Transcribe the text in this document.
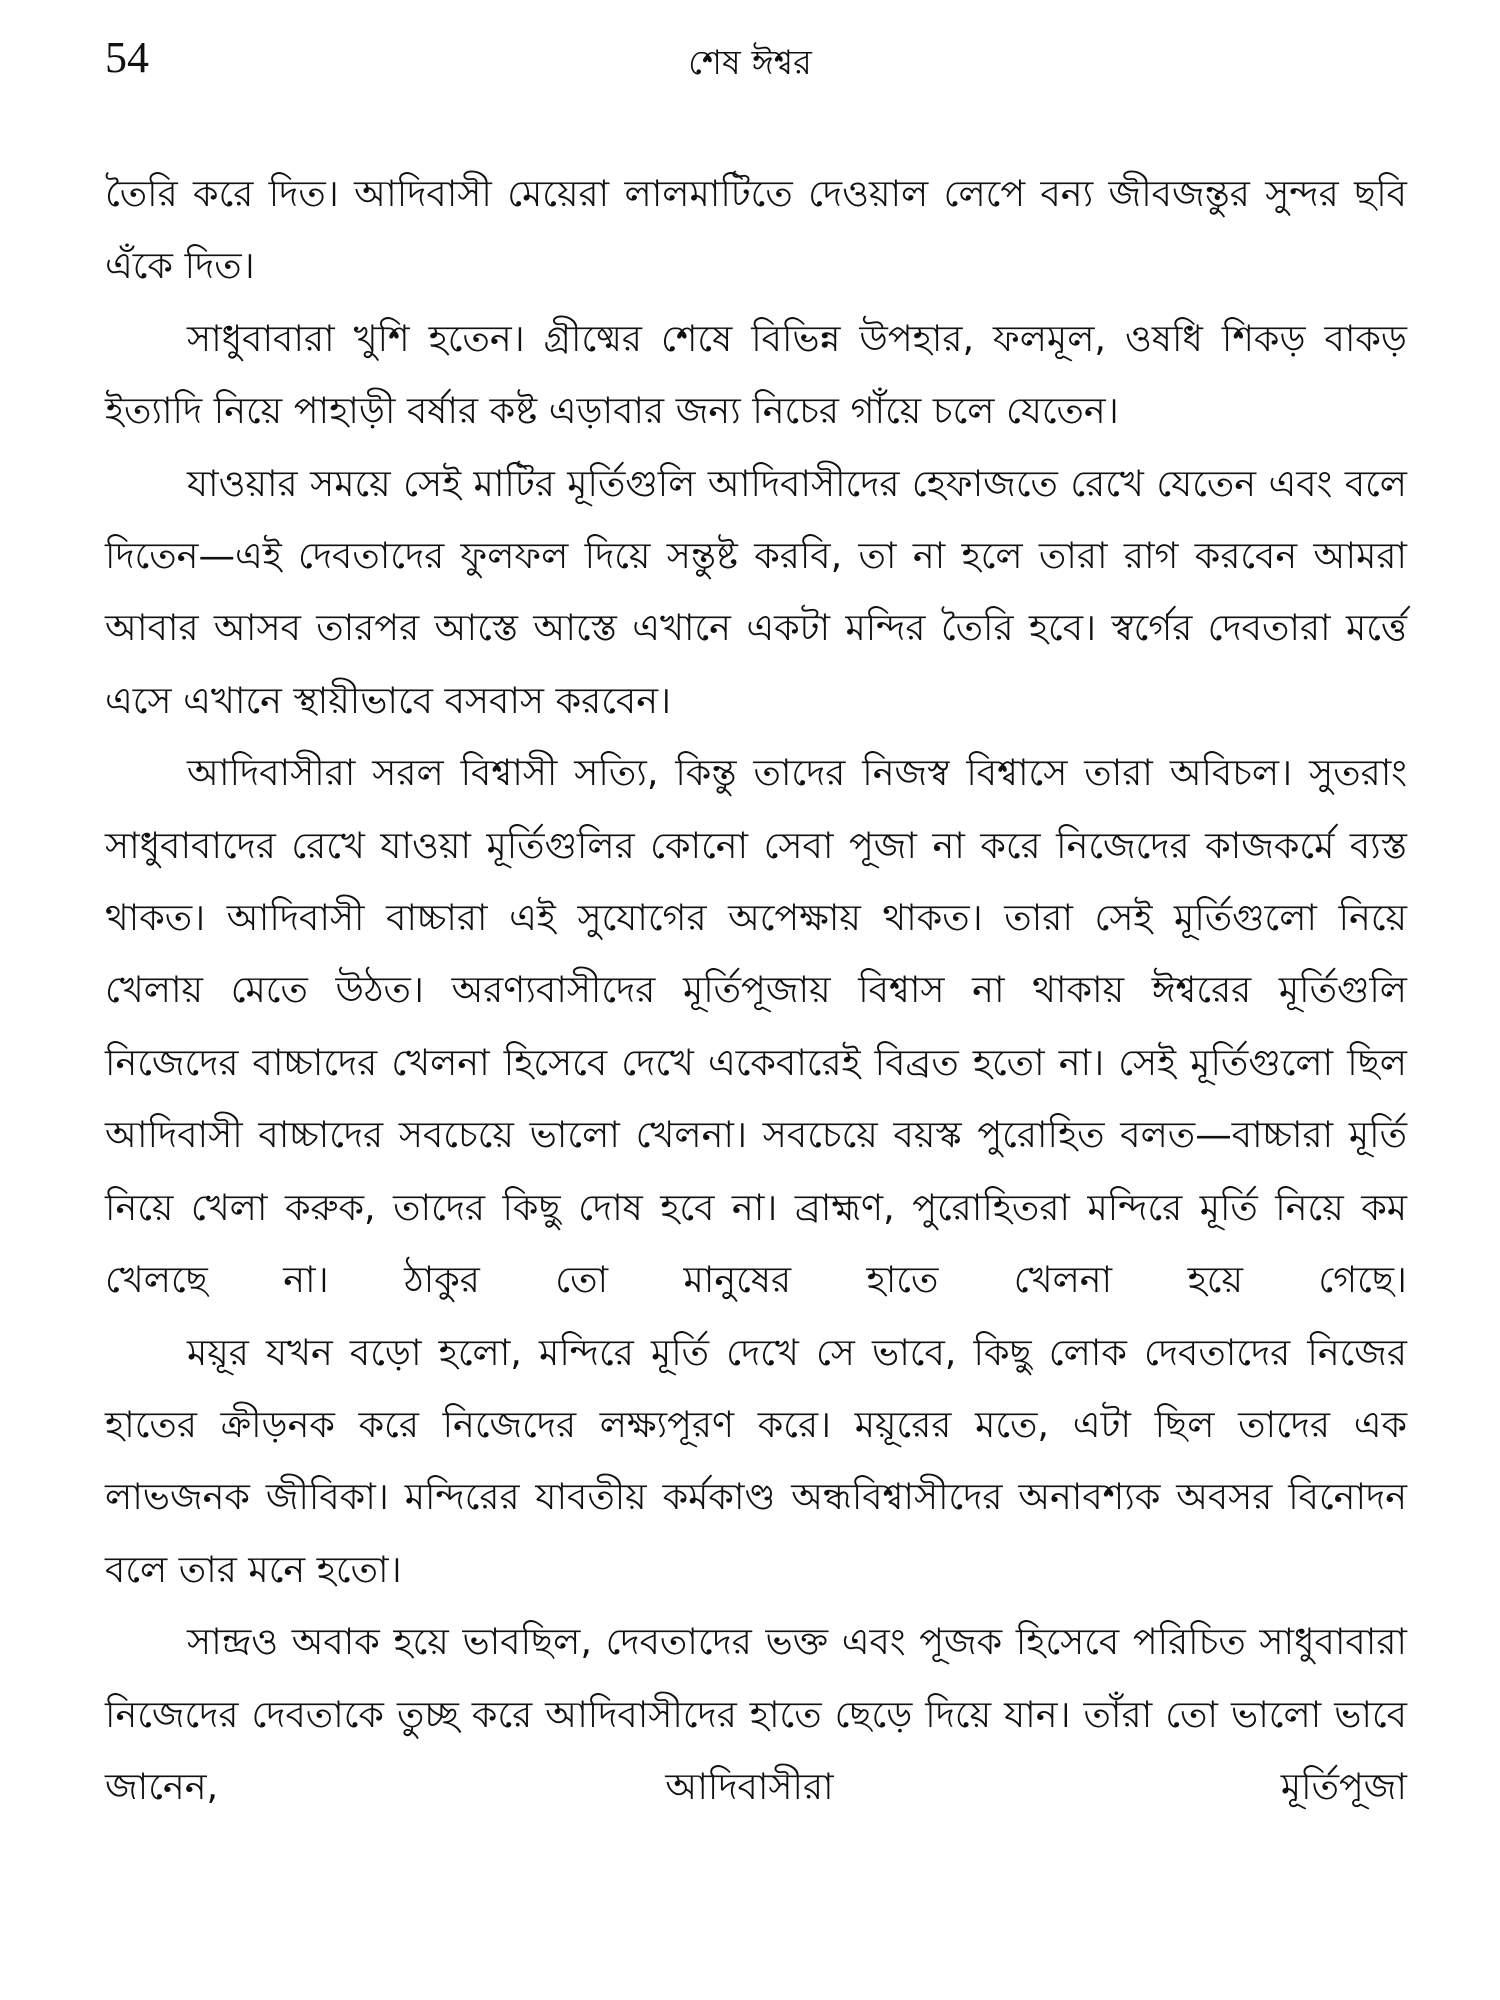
54	শেষ ঈশ্বর

তৈরি করে দিত। আদিবাসী মেয়েরা লালমাটিতে দেওয়াল লেপে বন্য জীবজন্তুর সুন্দর ছবি এঁকে দিত।

সাধুবাবারা খুশি হতেন। গ্রীষ্মের শেষে বিভিন্ন উপহার, ফলমূল, ওষধি শিকড় বাকড় ইত্যাদি নিয়ে পাহাড়ী বর্ষার কষ্ট এড়াবার জন্য নিচের গাঁয়ে চলে যেতেন।

যাওয়ার সময়ে সেই মাটির মূর্তিগুলি আদিবাসীদের হেফাজতে রেখে যেতেন এবং বলে দিতেন—এই দেবতাদের ফুলফল দিয়ে সন্তুষ্ট করবি, তা না হলে তারা রাগ করবেন আমরা আবার আসব তারপর আস্তে আস্তে এখানে একটা মন্দির তৈরি হবে। স্বর্গের দেবতারা মর্ত্তে এসে এখানে স্থায়ীভাবে বসবাস করবেন।

আদিবাসীরা সরল বিশ্বাসী সত্যি, কিন্তু তাদের নিজস্ব বিশ্বাসে তারা অবিচল। সুতরাং সাধুবাবাদের রেখে যাওয়া মূর্তিগুলির কোনো সেবা পূজা না করে নিজেদের কাজকর্মে ব্যস্ত থাকত। আদিবাসী বাচ্চারা এই সুযোগের অপেক্ষায় থাকত। তারা সেই মূর্তিগুলো নিয়ে খেলায় মেতে উঠত। অরণ্যবাসীদের মূর্তিপূজায় বিশ্বাস না থাকায় ঈশ্বরের মূর্তিগুলি নিজেদের বাচ্চাদের খেলনা হিসেবে দেখে একেবারেই বিব্রত হতো না। সেই মূর্তিগুলো ছিল আদিবাসী বাচ্চাদের সবচেয়ে ভালো খেলনা। সবচেয়ে বয়স্ক পুরোহিত বলত—বাচ্চারা মূর্তি নিয়ে খেলা করুক, তাদের কিছু দোষ হবে না। ব্রাহ্মণ, পুরোহিতরা মন্দিরে মূর্তি নিয়ে কম খেলছে না। ঠাকুর তো মানুষের হাতে খেলনা হয়ে গেছে।

ময়ূর যখন বড়ো হলো, মন্দিরে মূর্তি দেখে সে ভাবে, কিছু লোক দেবতাদের নিজের হাতের ক্রীড়নক করে নিজেদের লক্ষ্যপূরণ করে। ময়ূরের মতে, এটা ছিল তাদের এক লাভজনক জীবিকা। মন্দিরের যাবতীয় কর্মকাণ্ড অন্ধবিশ্বাসীদের অনাবশ্যক অবসর বিনোদন বলে তার মনে হতো।

সান্দ্রও অবাক হয়ে ভাবছিল, দেবতাদের ভক্ত এবং পূজক হিসেবে পরিচিত সাধুবাবারা নিজেদের দেবতাকে তুচ্ছ করে আদিবাসীদের হাতে ছেড়ে দিয়ে যান। তাঁরা তো ভালো ভাবে জানেন, আদিবাসীরা মূর্তিপূজা
